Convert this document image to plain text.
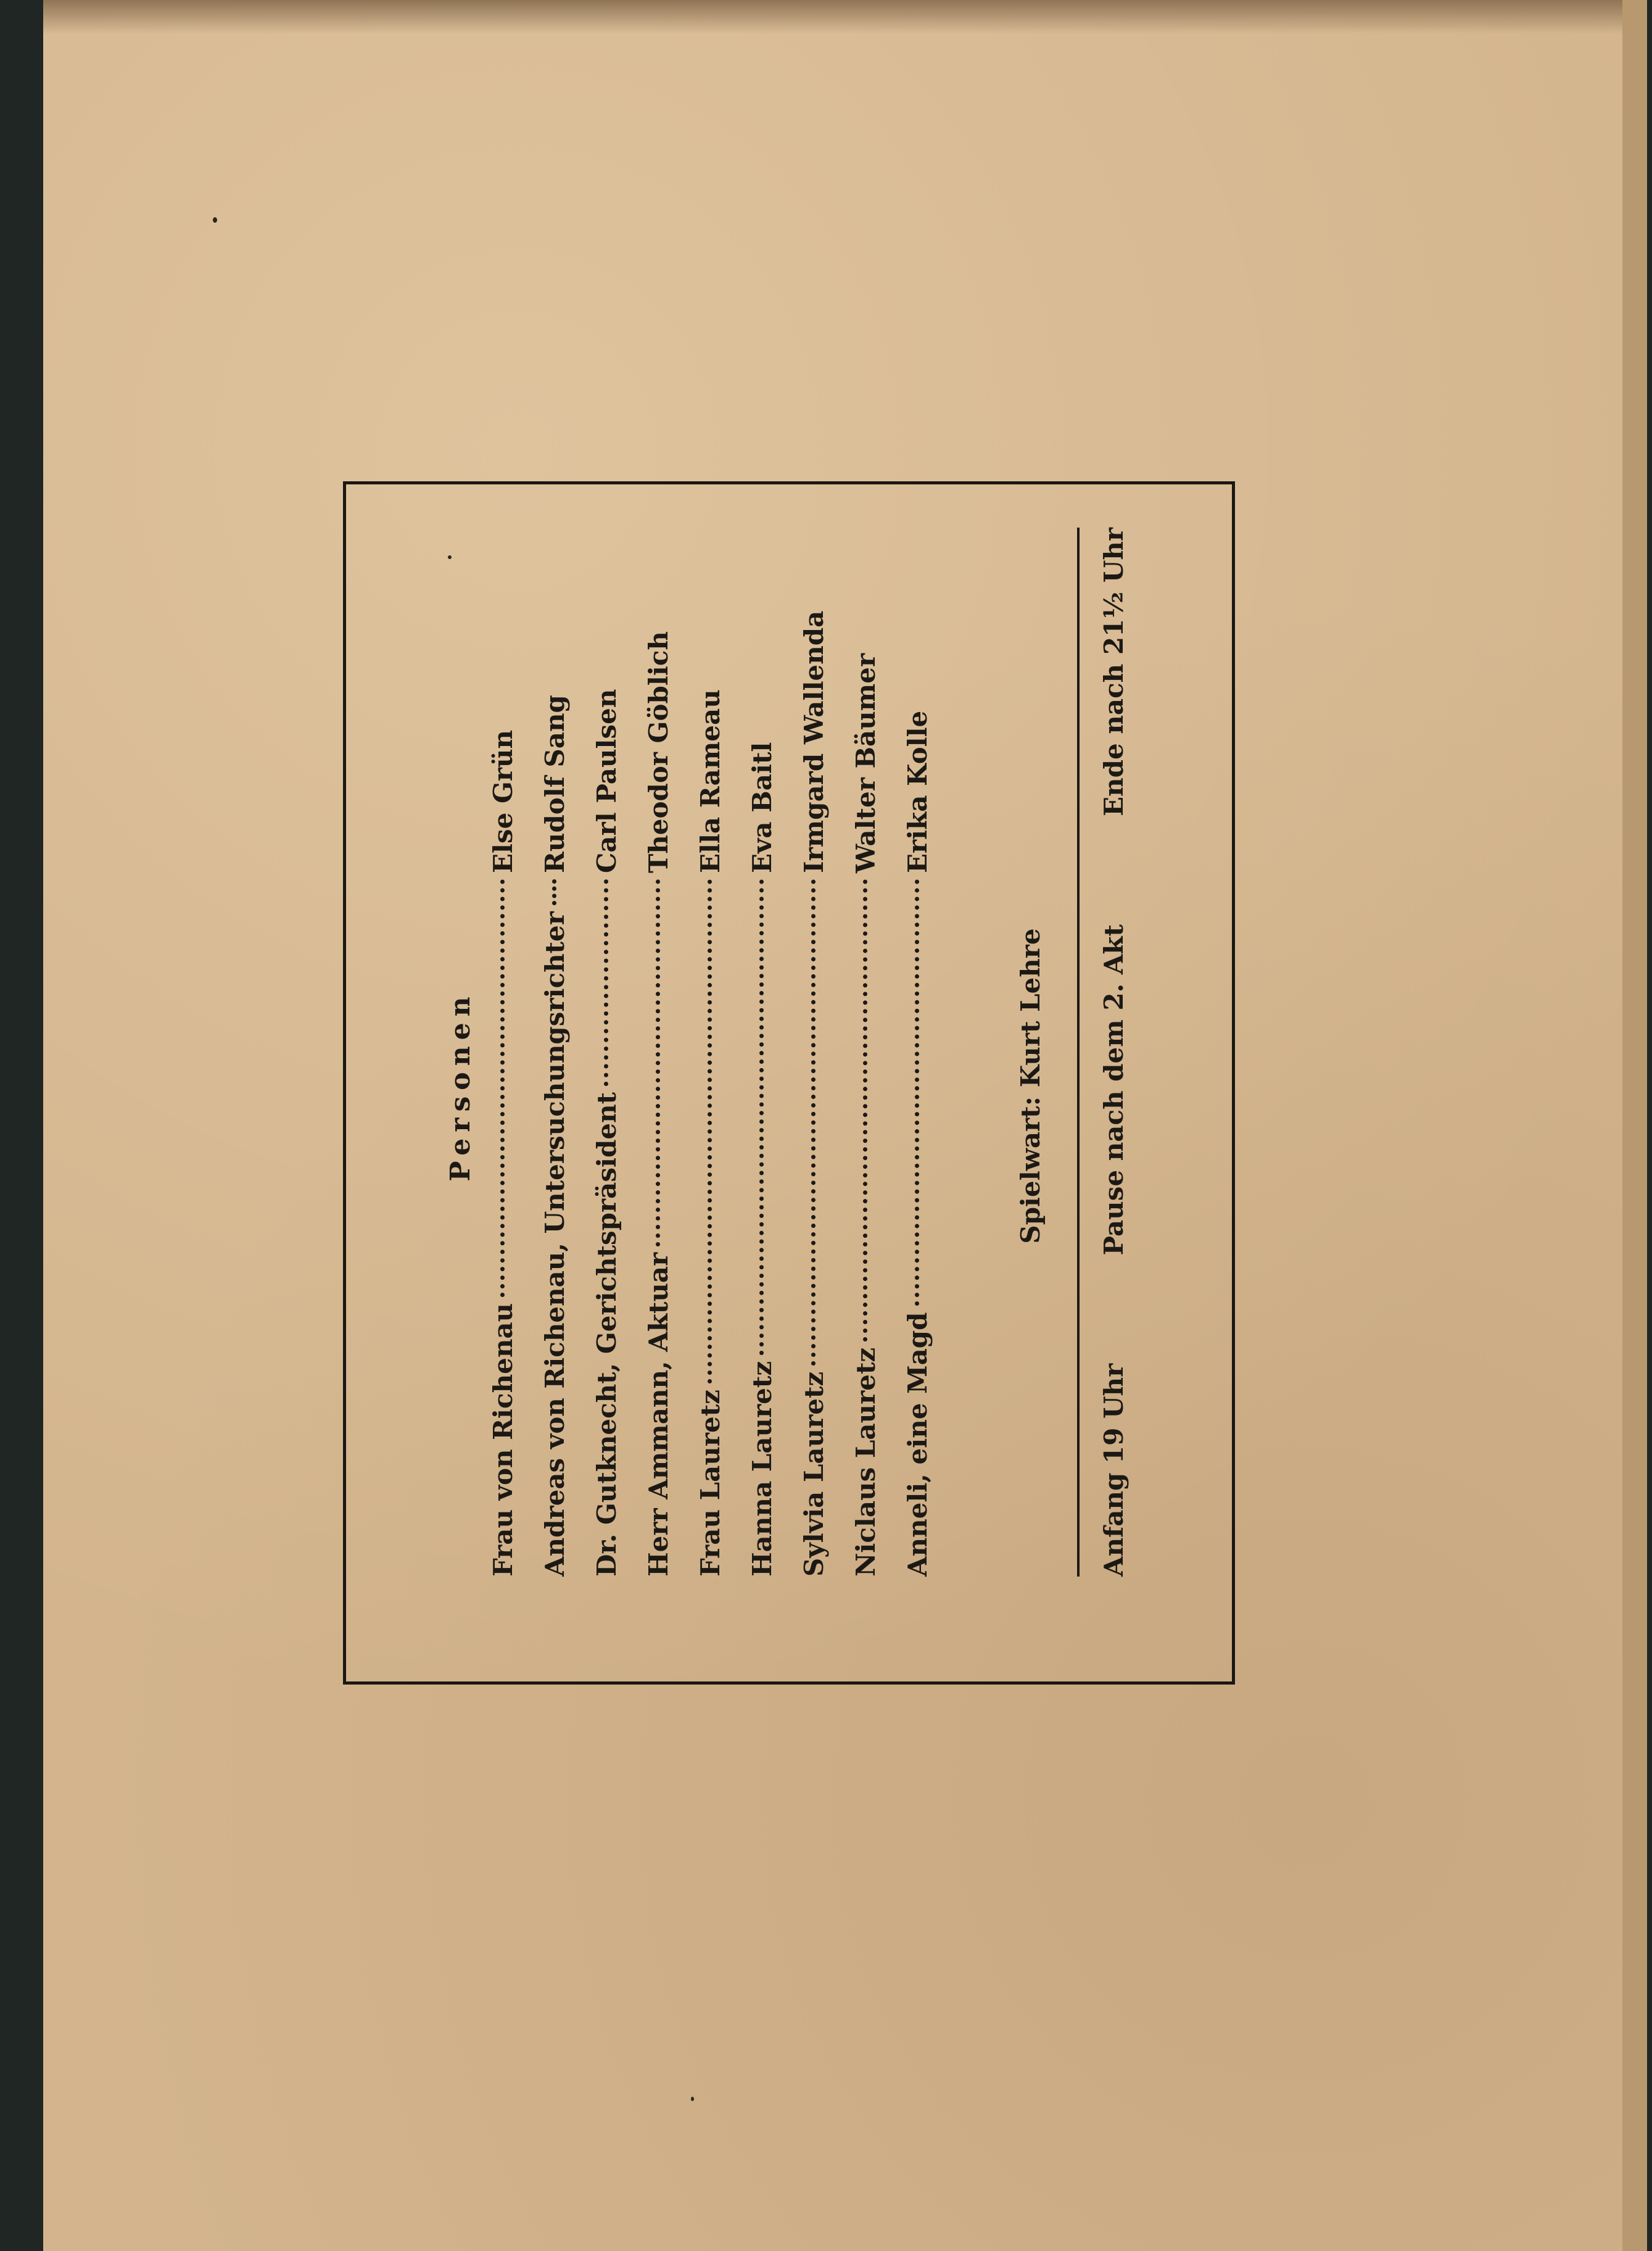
Personen
Frau von Richenau
Else Grün
Andreas von Richenau, Untersuchungsrichter
Rudolf Sang
Dr. Gutknecht, Gerichtspräsident
Carl Paulsen
Herr Ammann, Aktuar
Theodor Göblich
Frau Lauretz
Ella Rameau
Hanna Lauretz
Eva Baitl
Sylvia Lauretz
Irmgard Wallenda
Niclaus Lauretz
Walter Bäumer
Anneli, eine Magd
Erika Kolle
Spielwart: Kurt Lehre
Anfang 19 Uhr
Pause nach dem 2. Akt
Ende nach 21½ Uhr
